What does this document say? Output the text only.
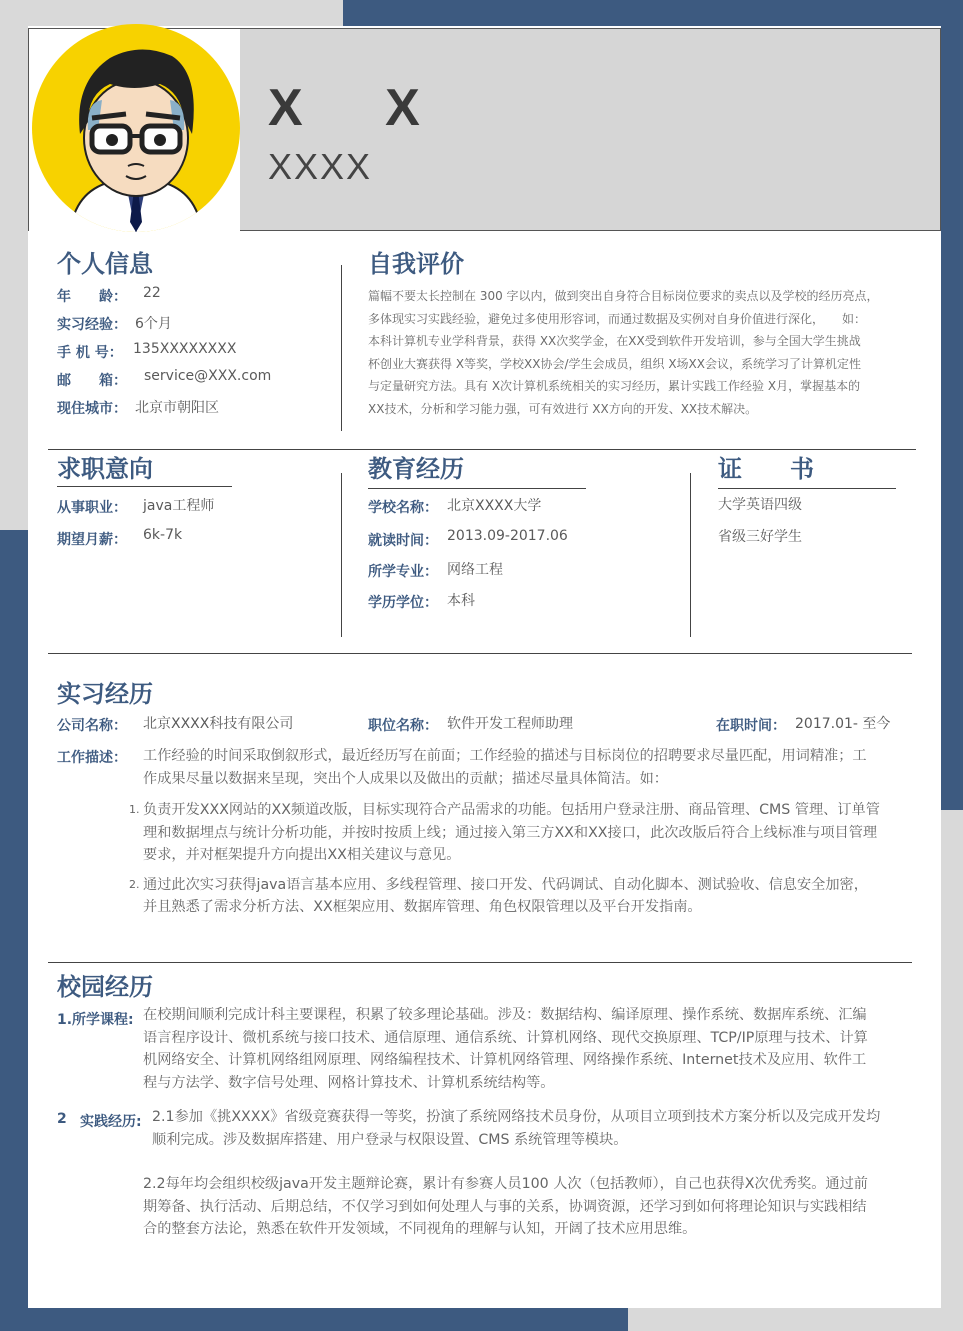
X X
XXXX
个人信息
年　　龄： 22
实习经验： 6个月
手 机 号： 135XXXXXXXX
邮　　箱： service@XXX.com
现住城市： 北京市朝阳区
自我评价
篇幅不要太长控制在 300 字以内，做到突出自身符合目标岗位要求的卖点以及学校的经历亮点，
多体现实习实践经验，避免过多使用形容词，而通过数据及实例对自身价值进行深化，　　如：
本科计算机专业学科背景，获得 XX次奖学金，在XX受到软件开发培训，参与全国大学生挑战
杯创业大赛获得 X等奖，学校XX协会/学生会成员，组织 X场XX会议，系统学习了计算机定性
与定量研究方法。具有 X次计算机系统相关的实习经历，累计实践工作经验 X月，掌握基本的
XX技术，分析和学习能力强，可有效进行 XX方向的开发、XX技术解决。
求职意向
从事职业： java工程师
期望月薪： 6k-7k
教育经历
学校名称： 北京XXXX大学
就读时间： 2013.09-2017.06
所学专业： 网络工程
学历学位： 本科
证　　书
大学英语四级
省级三好学生
实习经历
公司名称： 北京XXXX科技有限公司	职位名称： 软件开发工程师助理	在职时间： 2017.01- 至今
工作描述： 工作经验的时间采取倒叙形式，最近经历写在前面；工作经验的描述与目标岗位的招聘要求尽量匹配，用词精准；工
作成果尽量以数据来呈现，突出个人成果以及做出的贡献；描述尽量具体简洁。如：
1. 负责开发XXX网站的XX频道改版，目标实现符合产品需求的功能。包括用户登录注册、商品管理、CMS 管理、订单管
理和数据埋点与统计分析功能，并按时按质上线；通过接入第三方XX和XX接口，此次改版后符合上线标准与项目管理
要求，并对框架提升方向提出XX相关建议与意见。
2. 通过此次实习获得java语言基本应用、多线程管理、接口开发、代码调试、自动化脚本、测试验收、信息安全加密，
并且熟悉了需求分析方法、XX框架应用、数据库管理、角色权限管理以及平台开发指南。
校园经历
1.所学课程: 在校期间顺利完成计科主要课程，积累了较多理论基础。涉及：数据结构、编译原理、操作系统、数据库系统、汇编
语言程序设计、微机系统与接口技术、通信原理、通信系统、计算机网络、现代交换原理、TCP/IP原理与技术、计算
机网络安全、计算机网络组网原理、网络编程技术、计算机网络管理、网络操作系统、Internet技术及应用、软件工
程与方法学、数字信号处理、网格计算技术、计算机系统结构等。
2 实践经历: 2.1参加《挑XXXX》省级竞赛获得一等奖，扮演了系统网络技术员身份，从项目立项到技术方案分析以及完成开发均
顺利完成。涉及数据库搭建、用户登录与权限设置、CMS 系统管理等模块。
2.2每年均会组织校级java开发主题辩论赛，累计有参赛人员100 人次（包括教师），自己也获得X次优秀奖。通过前
期筹备、执行活动、后期总结，不仅学习到如何处理人与事的关系，协调资源，还学习到如何将理论知识与实践相结
合的整套方法论，熟悉在软件开发领域，不同视角的理解与认知，开阔了技术应用思维。
